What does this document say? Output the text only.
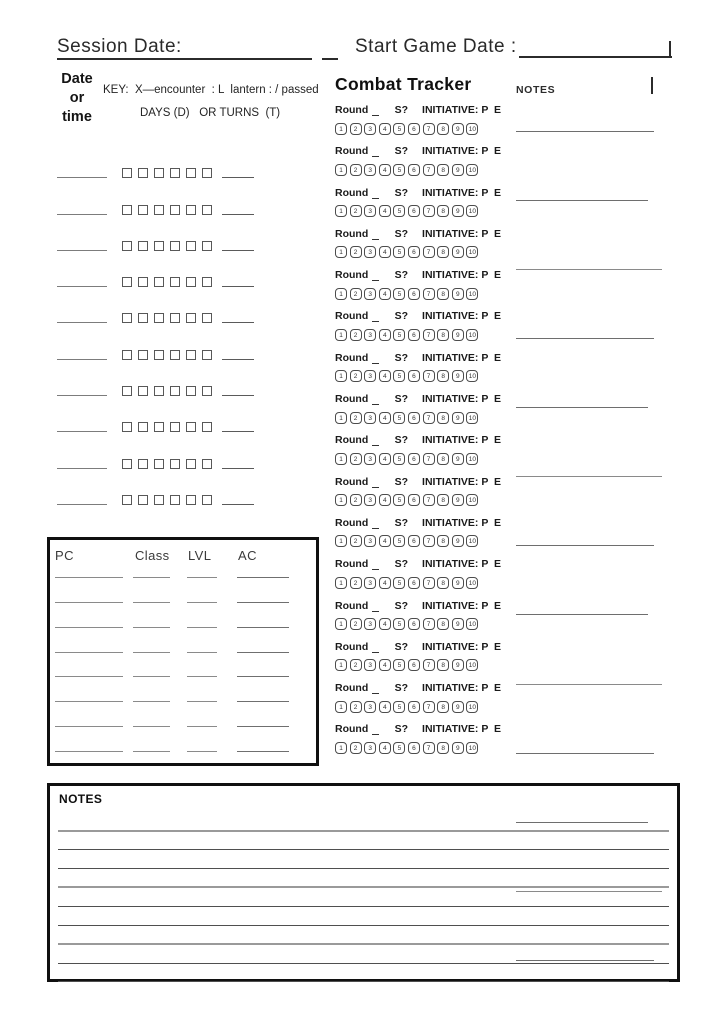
Session Date:	Start Game Date :
Date
or
time
KEY:  X—encounter  : L  lantern : / passed
DAYS (D)   OR TURNS  (T)
PC	Class LVL AC
Combat Tracker	NOTES
Round	S? INITIATIVE: P  E
1	2	3	4	5	6	7	8	9	10
Round	S? INITIATIVE: P  E
1	2	3	4	5	6	7	8	9	10
Round	S? INITIATIVE: P  E
1	2	3	4	5	6	7	8	9	10
Round	S? INITIATIVE: P  E
1	2	3	4	5	6	7	8	9	10
Round	S? INITIATIVE: P  E
1	2	3	4	5	6	7	8	9	10
Round	S? INITIATIVE: P  E
1	2	3	4	5	6	7	8	9	10
Round	S? INITIATIVE: P  E
1	2	3	4	5	6	7	8	9	10
Round	S? INITIATIVE: P  E
1	2	3	4	5	6	7	8	9	10
Round	S? INITIATIVE: P  E
1	2	3	4	5	6	7	8	9	10
Round	S? INITIATIVE: P  E
1	2	3	4	5	6	7	8	9	10
Round	S? INITIATIVE: P  E
1	2	3	4	5	6	7	8	9	10
Round	S? INITIATIVE: P  E
1	2	3	4	5	6	7	8	9	10
Round	S? INITIATIVE: P  E
1	2	3	4	5	6	7	8	9	10
Round	S? INITIATIVE: P  E
1	2	3	4	5	6	7	8	9	10
Round	S? INITIATIVE: P  E
1	2	3	4	5	6	7	8	9	10
Round	S? INITIATIVE: P  E
1	2	3	4	5	6	7	8	9	10
NOTES
